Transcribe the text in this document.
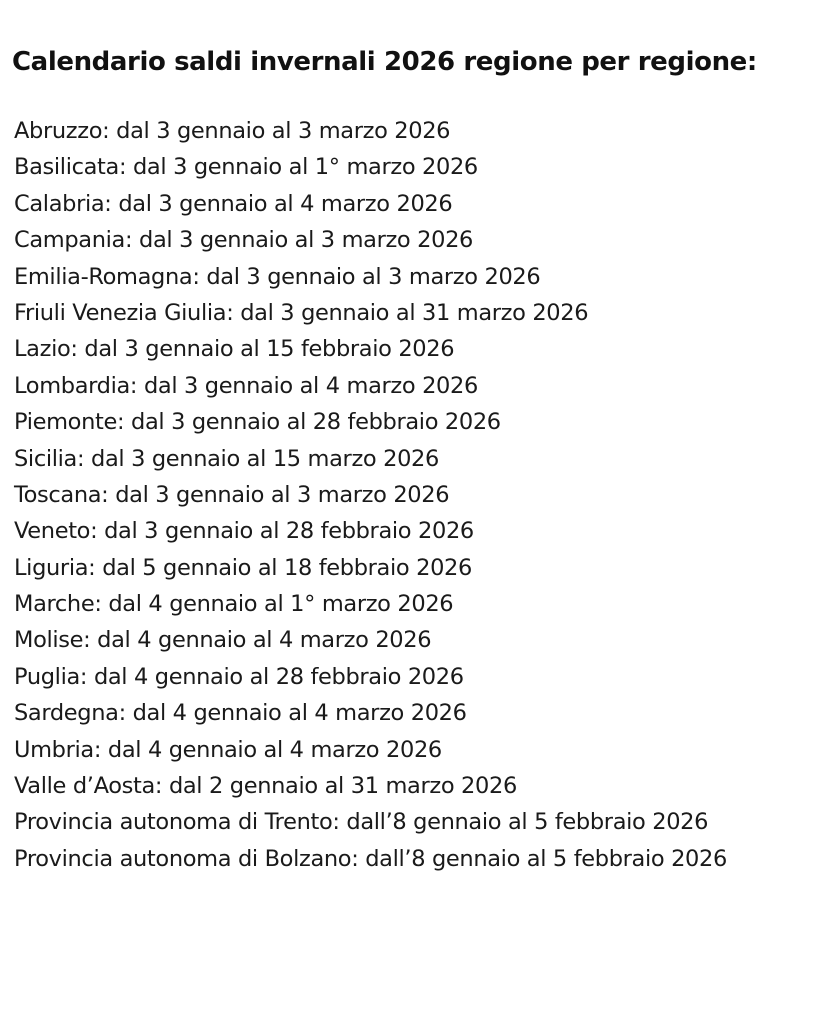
Calendario saldi invernali 2026 regione per regione:
Abruzzo: dal 3 gennaio al 3 marzo 2026
Basilicata: dal 3 gennaio al 1° marzo 2026
Calabria: dal 3 gennaio al 4 marzo 2026
Campania: dal 3 gennaio al 3 marzo 2026
Emilia-Romagna: dal 3 gennaio al 3 marzo 2026
Friuli Venezia Giulia: dal 3 gennaio al 31 marzo 2026
Lazio: dal 3 gennaio al 15 febbraio 2026
Lombardia: dal 3 gennaio al 4 marzo 2026
Piemonte: dal 3 gennaio al 28 febbraio 2026
Sicilia: dal 3 gennaio al 15 marzo 2026
Toscana: dal 3 gennaio al 3 marzo 2026
Veneto: dal 3 gennaio al 28 febbraio 2026
Liguria: dal 5 gennaio al 18 febbraio 2026
Marche: dal 4 gennaio al 1° marzo 2026
Molise: dal 4 gennaio al 4 marzo 2026
Puglia: dal 4 gennaio al 28 febbraio 2026
Sardegna: dal 4 gennaio al 4 marzo 2026
Umbria: dal 4 gennaio al 4 marzo 2026
Valle d’Aosta: dal 2 gennaio al 31 marzo 2026
Provincia autonoma di Trento: dall’8 gennaio al 5 febbraio 2026
Provincia autonoma di Bolzano: dall’8 gennaio al 5 febbraio 2026
